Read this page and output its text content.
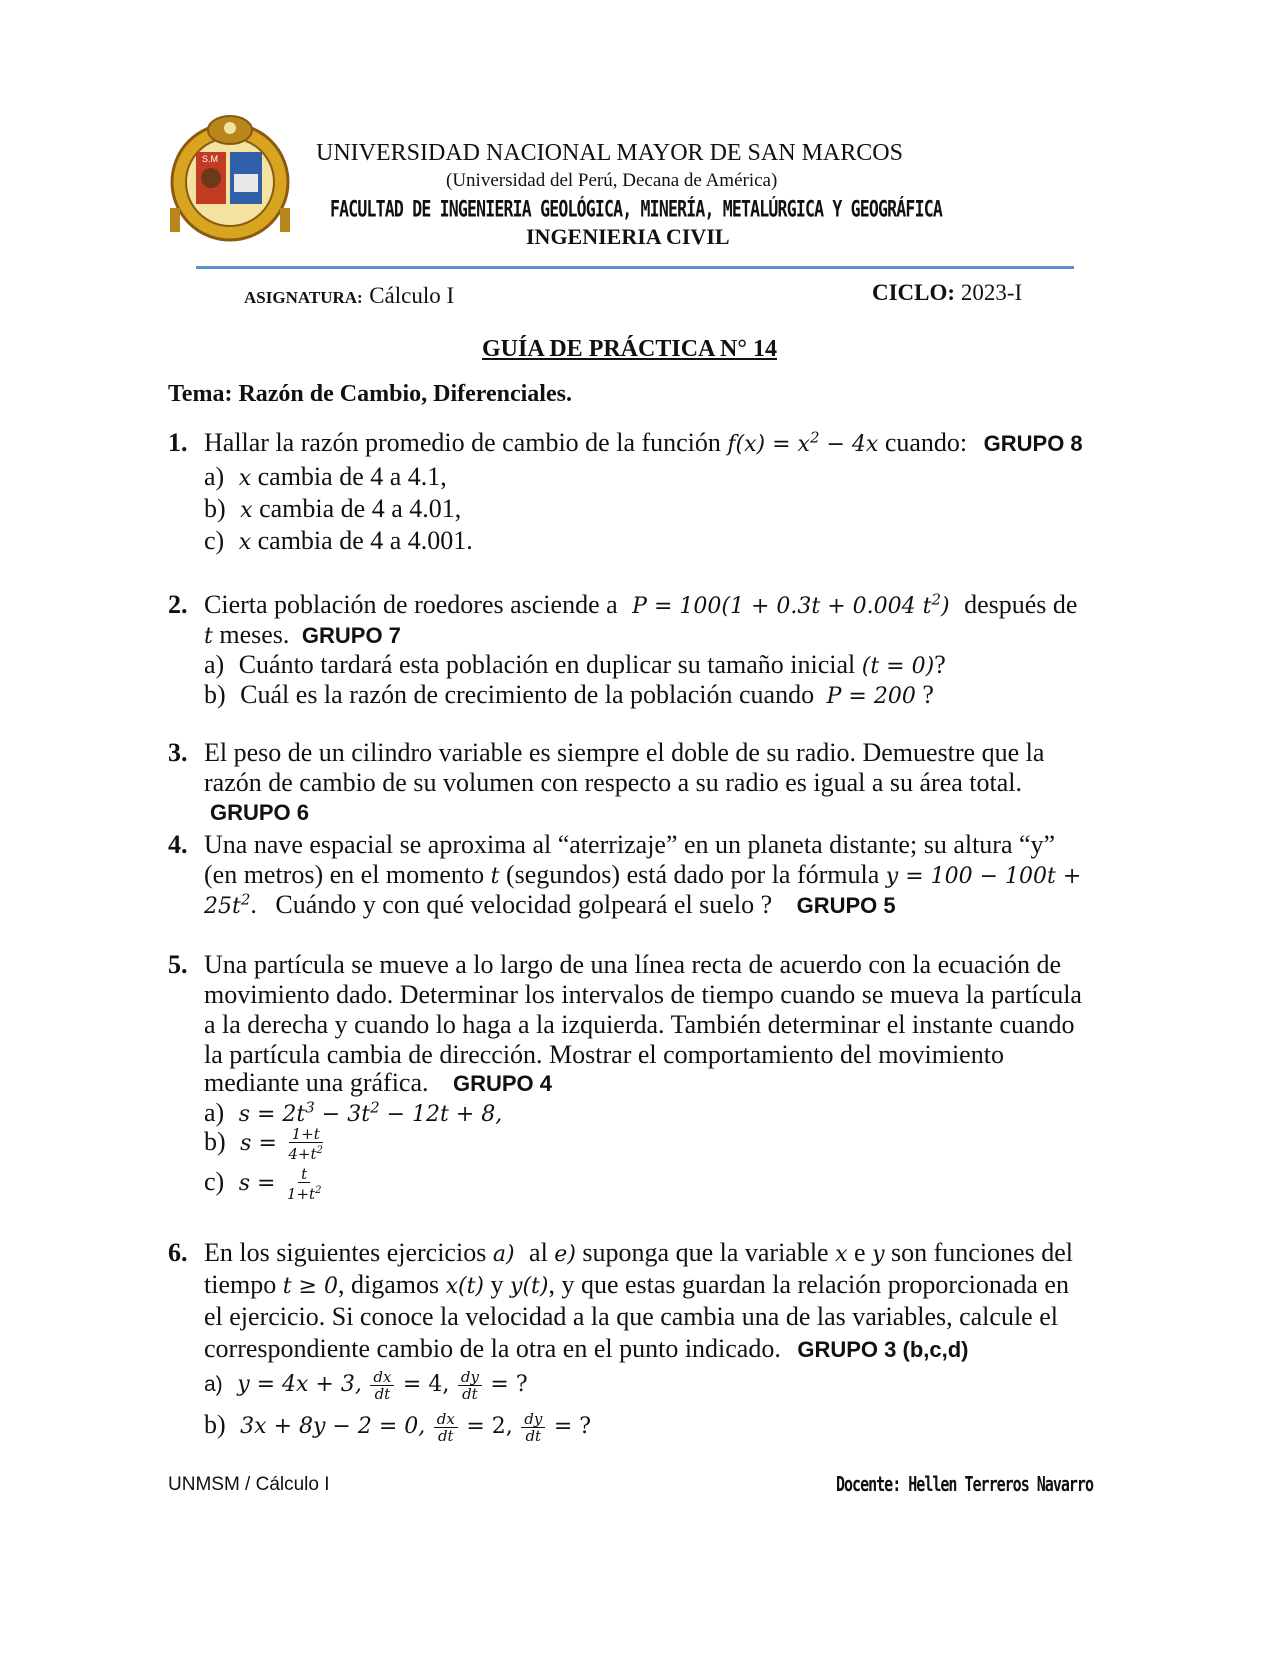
S.M	UNIVERSIDAD NACIONAL MAYOR DE SAN MARCOS
(Universidad del Perú, Decana de América)
FACULTAD DE INGENIERIA GEOLÓGICA, MINERÍA, METALÚRGICA Y GEOGRÁFICA
INGENIERIA CIVIL
ASIGNATURA: Cálculo I	CICLO: 2023-I
GUÍA DE PRÁCTICA N° 14
Tema: Razón de Cambio, Diferenciales.
1. Hallar la razón promedio de cambio de la función $f(x) = x^2 - 4x$ cuando: GRUPO 8
a) x cambia de 4 a 4.1,
b) x cambia de 4 a 4.01,
c) x cambia de 4 a 4.001.
2. Cierta población de roedores asciende a P = 100(1 + 0.3t + 0.004 $t^2$) después de
t meses. GRUPO 7
a) Cuánto tardará esta población en duplicar su tamaño inicial (t = 0)?
b) Cuál es la razón de crecimiento de la población cuando P = 200 ?
3. El peso de un cilindro variable es siempre el doble de su radio. Demuestre que la
razón de cambio de su volumen con respecto a su radio es igual a su área total.
GRUPO 6
4. Una nave espacial se aproxima al “aterrizaje” en un planeta distante; su altura “y”
(en metros) en el momento t (segundos) está dado por la fórmula y = 100 − 100t +
$25t^2$. Cuándo y con qué velocidad golpeará el suelo ? GRUPO 5
5. Una partícula se mueve a lo largo de una línea recta de acuerdo con la ecuación de
movimiento dado. Determinar los intervalos de tiempo cuando se mueva la partícula
a la derecha y cuando lo haga a la izquierda. También determinar el instante cuando
la partícula cambia de dirección. Mostrar el comportamiento del movimiento
mediante una gráfica. GRUPO 4
a) $s = 2t^3 - 3t^2 - 12t + 8$,
b) $s = \frac{1+t}{4+t^2}$
c) $s = \frac{t}{1+t^2}$
6. En los siguientes ejercicios a) al e) suponga que la variable x e y son funciones del
tiempo t ≥ 0, digamos x(t) y y(t), y que estas guardan la relación proporcionada en
el ejercicio. Si conoce la velocidad a la que cambia una de las variables, calcule el
correspondiente cambio de la otra en el punto indicado. GRUPO 3 (b,c,d)
a) y = 4x + 3, $\frac{dx}{dt} = 4$, $\frac{dy}{dt}$ = ?
b) 3x + 8y − 2 = 0, $\frac{dx}{dt} = 2$, $\frac{dy}{dt}$ = ?
UNMSM / Cálculo I	Docente: Hellen Terreros Navarro
